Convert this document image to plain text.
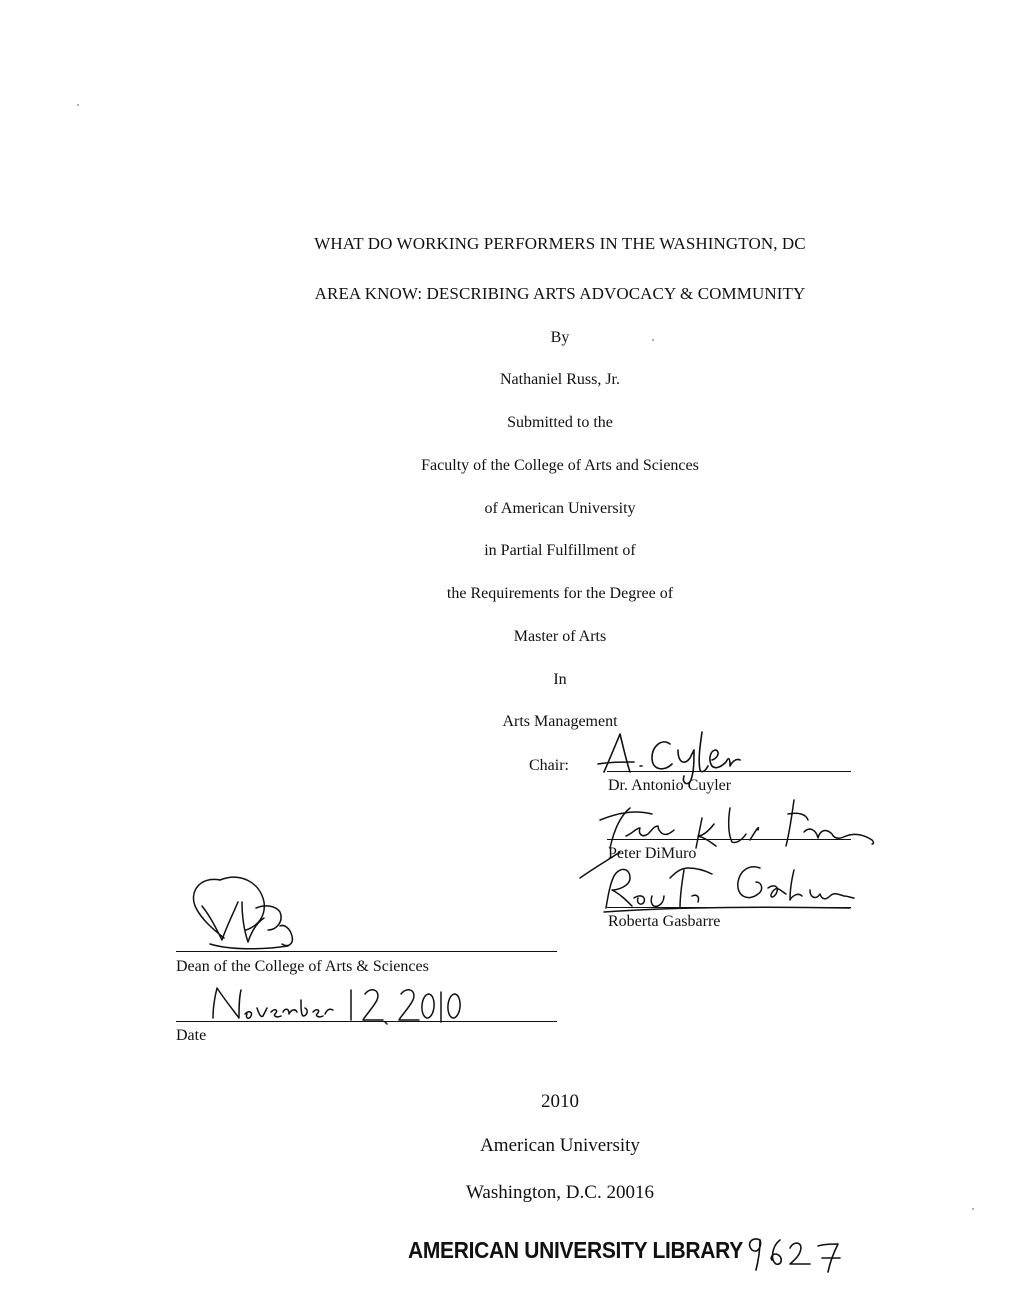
WHAT DO WORKING PERFORMERS IN THE WASHINGTON, DC
AREA KNOW: DESCRIBING ARTS ADVOCACY & COMMUNITY
By
Nathaniel Russ, Jr.
Submitted to the
Faculty of the College of Arts and Sciences
of American University
in Partial Fulfillment of
the Requirements for the Degree of
Master of Arts
In
Arts Management
Chair:
Dr. Antonio Cuyler
Peter DiMuro
Roberta Gasbarre
Dean of the College of Arts & Sciences
Date
2010
American University
Washington, D.C. 20016
AMERICAN UNIVERSITY LIBRARY
